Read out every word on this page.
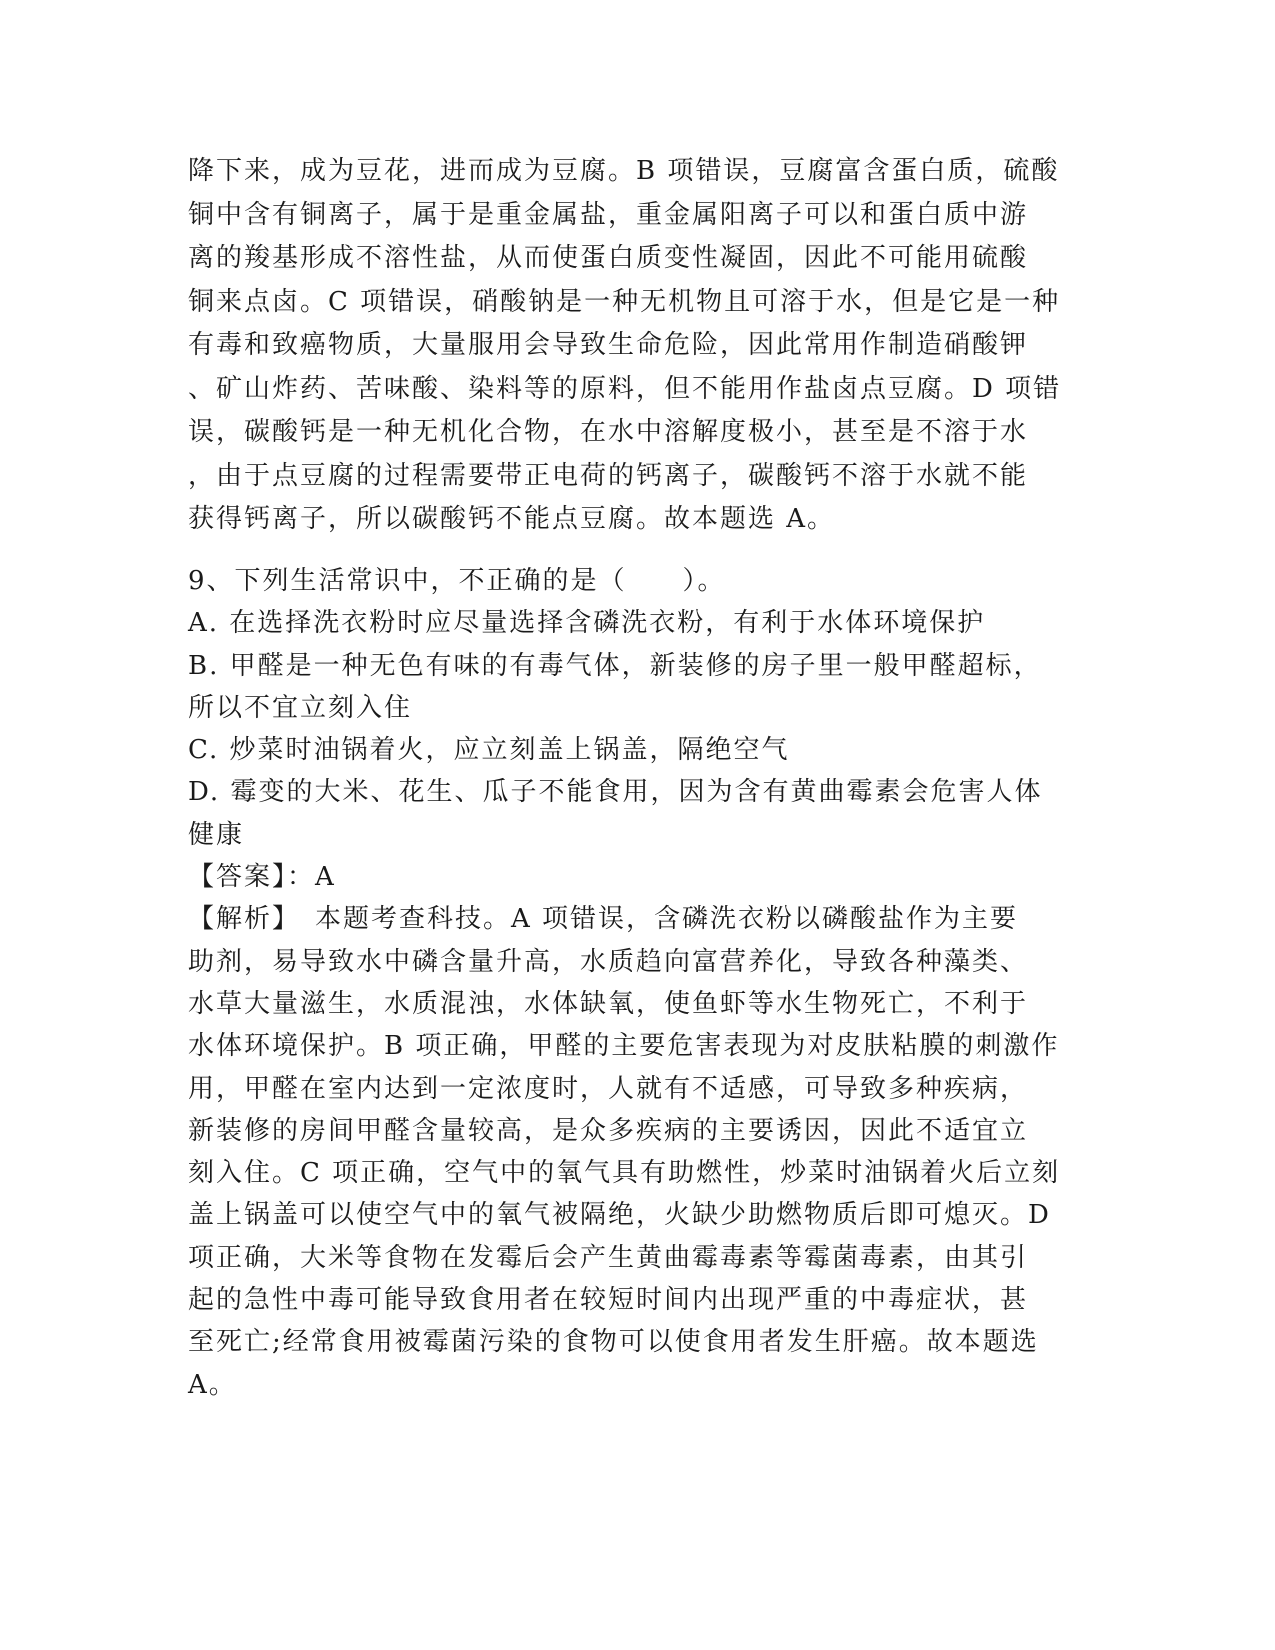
降下来，成为豆花，进而成为豆腐。B 项错误，豆腐富含蛋白质，硫酸
铜中含有铜离子，属于是重金属盐，重金属阳离子可以和蛋白质中游
离的羧基形成不溶性盐，从而使蛋白质变性凝固，因此不可能用硫酸
铜来点卤。C 项错误，硝酸钠是一种无机物且可溶于水，但是它是一种
有毒和致癌物质，大量服用会导致生命危险，因此常用作制造硝酸钾
、矿山炸药、苦味酸、染料等的原料，但不能用作盐卤点豆腐。D 项错
误，碳酸钙是一种无机化合物，在水中溶解度极小，甚至是不溶于水
，由于点豆腐的过程需要带正电荷的钙离子，碳酸钙不溶于水就不能
获得钙离子，所以碳酸钙不能点豆腐。故本题选 A。
9、下列生活常识中，不正确的是（　　）。
A. 在选择洗衣粉时应尽量选择含磷洗衣粉，有利于水体环境保护
B. 甲醛是一种无色有味的有毒气体，新装修的房子里一般甲醛超标，
所以不宜立刻入住
C. 炒菜时油锅着火，应立刻盖上锅盖，隔绝空气
D. 霉变的大米、花生、瓜子不能食用，因为含有黄曲霉素会危害人体
健康
【答案】：A
【解析】　本题考查科技。A 项错误，含磷洗衣粉以磷酸盐作为主要
助剂，易导致水中磷含量升高，水质趋向富营养化，导致各种藻类、
水草大量滋生，水质混浊，水体缺氧，使鱼虾等水生物死亡，不利于
水体环境保护。B 项正确，甲醛的主要危害表现为对皮肤粘膜的刺激作
用，甲醛在室内达到一定浓度时，人就有不适感，可导致多种疾病，
新装修的房间甲醛含量较高，是众多疾病的主要诱因，因此不适宜立
刻入住。C 项正确，空气中的氧气具有助燃性，炒菜时油锅着火后立刻
盖上锅盖可以使空气中的氧气被隔绝，火缺少助燃物质后即可熄灭。D
项正确，大米等食物在发霉后会产生黄曲霉毒素等霉菌毒素，由其引
起的急性中毒可能导致食用者在较短时间内出现严重的中毒症状，甚
至死亡;经常食用被霉菌污染的食物可以使食用者发生肝癌。故本题选
A。
